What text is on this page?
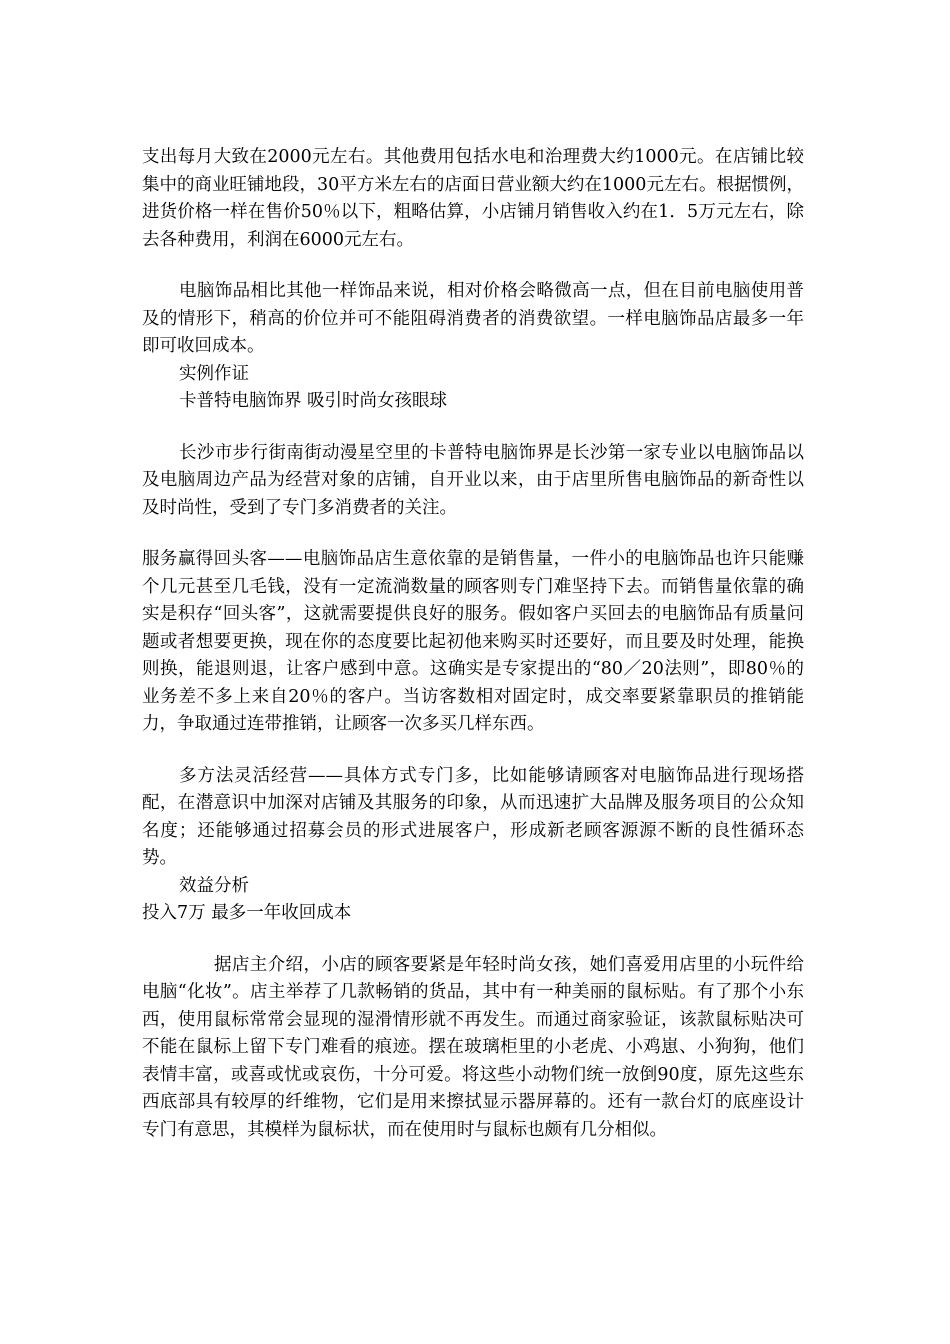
支出每月大致在2000元左右。其他费用包括水电和治理费大约1000元。在店铺比较集中的商业旺铺地段，30平方米左右的店面日营业额大约在1000元左右。根据惯例，进货价格一样在售价50％以下，粗略估算，小店铺月销售收入约在1．5万元左右，除去各种费用，利润在6000元左右。

电脑饰品相比其他一样饰品来说，相对价格会略微高一点，但在目前电脑使用普及的情形下，稍高的价位并可不能阻碍消费者的消费欲望。一样电脑饰品店最多一年即可收回成本。

实例作证

卡普特电脑饰界 吸引时尚女孩眼球

长沙市步行街南街动漫星空里的卡普特电脑饰界是长沙第一家专业以电脑饰品以及电脑周边产品为经营对象的店铺，自开业以来，由于店里所售电脑饰品的新奇性以及时尚性，受到了专门多消费者的关注。

服务赢得回头客——电脑饰品店生意依靠的是销售量，一件小的电脑饰品也许只能赚个几元甚至几毛钱，没有一定流淌数量的顾客则专门难坚持下去。而销售量依靠的确实是积存“回头客”，这就需要提供良好的服务。假如客户买回去的电脑饰品有质量问题或者想要更换，现在你的态度要比起初他来购买时还要好，而且要及时处理，能换则换，能退则退，让客户感到中意。这确实是专家提出的“80／20法则”，即80％的业务差不多上来自20％的客户。当访客数相对固定时，成交率要紧靠职员的推销能力，争取通过连带推销，让顾客一次多买几样东西。

多方法灵活经营——具体方式专门多，比如能够请顾客对电脑饰品进行现场搭配，在潜意识中加深对店铺及其服务的印象，从而迅速扩大品牌及服务项目的公众知名度；还能够通过招募会员的形式进展客户，形成新老顾客源源不断的良性循环态势。

效益分析

投入7万 最多一年收回成本

据店主介绍，小店的顾客要紧是年轻时尚女孩，她们喜爱用店里的小玩件给电脑“化妆”。店主举荐了几款畅销的货品，其中有一种美丽的鼠标贴。有了那个小东西，使用鼠标常常会显现的湿滑情形就不再发生。而通过商家验证，该款鼠标贴决可不能在鼠标上留下专门难看的痕迹。摆在玻璃柜里的小老虎、小鸡崽、小狗狗，他们表情丰富，或喜或忧或哀伤，十分可爱。将这些小动物们统一放倒90度，原先这些东西底部具有较厚的纤维物，它们是用来擦拭显示器屏幕的。还有一款台灯的底座设计专门有意思，其模样为鼠标状，而在使用时与鼠标也颇有几分相似。
